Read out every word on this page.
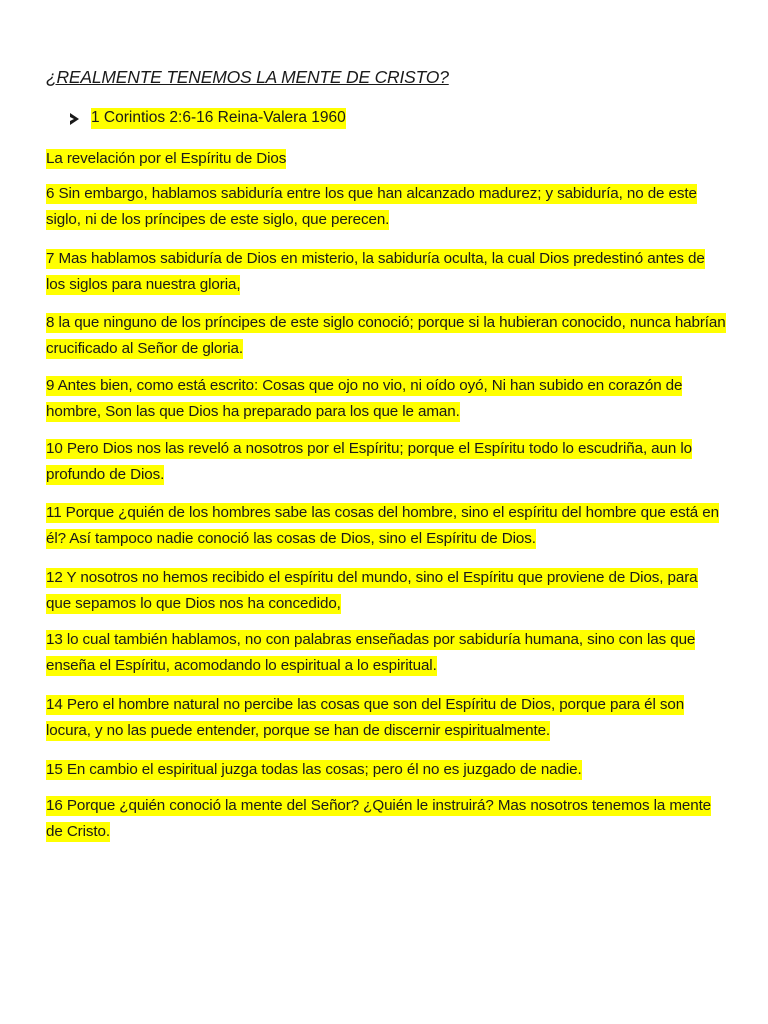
¿REALMENTE TENEMOS LA MENTE DE CRISTO?
1 Corintios 2:6-16 Reina-Valera 1960
La revelación por el Espíritu de Dios
6 Sin embargo, hablamos sabiduría entre los que han alcanzado madurez; y sabiduría, no de este siglo, ni de los príncipes de este siglo, que perecen.
7 Mas hablamos sabiduría de Dios en misterio, la sabiduría oculta, la cual Dios predestinó antes de los siglos para nuestra gloria,
8 la que ninguno de los príncipes de este siglo conoció; porque si la hubieran conocido, nunca habrían crucificado al Señor de gloria.
9 Antes bien, como está escrito: Cosas que ojo no vio, ni oído oyó, Ni han subido en corazón de hombre, Son las que Dios ha preparado para los que le aman.
10 Pero Dios nos las reveló a nosotros por el Espíritu; porque el Espíritu todo lo escudriña, aun lo profundo de Dios.
11 Porque ¿quién de los hombres sabe las cosas del hombre, sino el espíritu del hombre que está en él? Así tampoco nadie conoció las cosas de Dios, sino el Espíritu de Dios.
12 Y nosotros no hemos recibido el espíritu del mundo, sino el Espíritu que proviene de Dios, para que sepamos lo que Dios nos ha concedido,
13 lo cual también hablamos, no con palabras enseñadas por sabiduría humana, sino con las que enseña el Espíritu, acomodando lo espiritual a lo espiritual.
14 Pero el hombre natural no percibe las cosas que son del Espíritu de Dios, porque para él son locura, y no las puede entender, porque se han de discernir espiritualmente.
15 En cambio el espiritual juzga todas las cosas; pero él no es juzgado de nadie.
16 Porque ¿quién conoció la mente del Señor? ¿Quién le instruirá? Mas nosotros tenemos la mente de Cristo.
